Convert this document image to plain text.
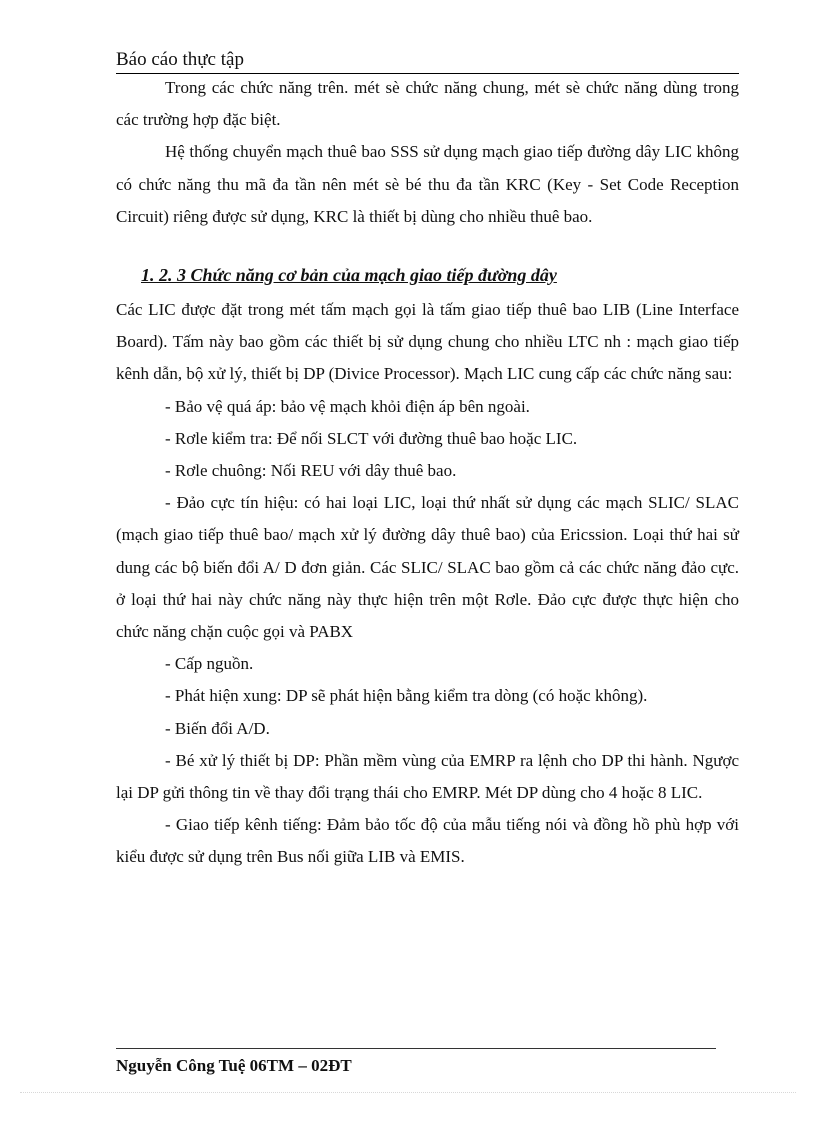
Báo cáo thực tập

Trong các chức năng trên. mét sè chức năng chung, mét sè chức năng dùng trong các trường hợp đặc biệt.

Hệ thống chuyển mạch thuê bao SSS sử dụng mạch giao tiếp đường dây LIC không có chức năng thu mã đa tần nên mét sè bé thu đa tần KRC (Key - Set Code Reception Circuit) riêng được sử dụng, KRC là thiết bị dùng cho nhiều thuê bao.

1. 2. 3 Chức năng cơ bản của mạch giao tiếp đường dây

Các LIC được đặt trong mét tấm mạch gọi là tấm giao tiếp thuê bao LIB (Line Interface Board). Tấm này bao gồm các thiết bị sử dụng chung cho nhiều LTC nh : mạch giao tiếp kênh dẫn, bộ xử lý, thiết bị DP (Divice Processor). Mạch LIC cung cấp các chức năng sau:

- Bảo vệ quá áp: bảo vệ mạch khỏi điện áp bên ngoài.

- Rơle kiểm tra: Để nối SLCT với đường thuê bao hoặc LIC.

- Rơle chuông: Nối REU với dây thuê bao.

- Đảo cực tín hiệu: có hai loại LIC, loại thứ nhất sử dụng các mạch SLIC/ SLAC (mạch giao tiếp thuê bao/ mạch xử lý đường dây thuê bao) của Ericssion. Loại thứ hai sử dung các bộ biến đổi A/ D đơn giản. Các SLIC/ SLAC bao gồm cả các chức năng đảo cực. ở loại thứ hai này chức năng này thực hiện trên một Rơle. Đảo cực được thực hiện cho chức năng chặn cuộc gọi và PABX

- Cấp nguồn.

- Phát hiện xung: DP sẽ phát hiện bằng kiểm tra dòng (có hoặc không).

- Biến đổi A/D.

- Bé xử lý thiết bị DP: Phần mềm vùng của EMRP ra lệnh cho DP thi hành. Ngược lại DP gửi thông tin về thay đổi trạng thái cho EMRP. Mét DP dùng cho 4 hoặc 8 LIC.

- Giao tiếp kênh tiếng: Đảm bảo tốc độ của mẫu tiếng nói và đồng hồ phù hợp với kiểu được sử dụng trên Bus nối giữa LIB và EMIS.

Nguyễn Công Tuệ 06TM – 02ĐT
